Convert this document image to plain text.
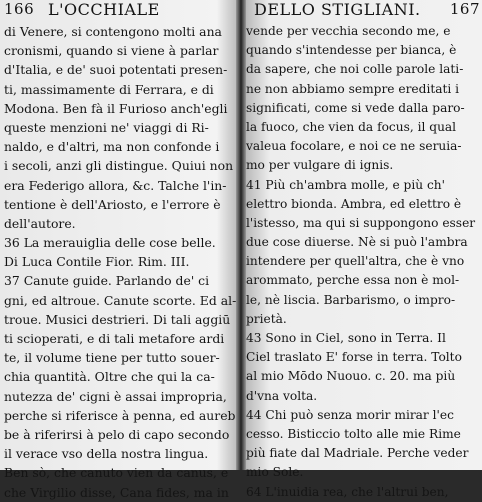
166 L'OCCHIALE
di Venere, si contengono molti ana
cronismi, quando si viene à parlar
d'Italia, e de' suoi potentati presen-
ti, massimamente di Ferrara, e di
Modona. Ben fà il Furioso anch'egli
queste menzioni ne' viaggi di Ri-
naldo, e d'altri, ma non confonde i
i secoli, anzi gli distingue. Quiui non
era Federigo allora, &c. Talche l'in-
tentione è dell'Ariosto, e l'errore è
dell'autore.
36 La merauiglia delle cose belle.
Di Luca Contile Fior. Rim. III.
37 Canute guide. Parlando de' ci
gni, ed altroue. Canute scorte. Ed al-
troue. Musici destrieri. Di tali aggiū
ti scioperati, e di tali metafore ardi
te, il volume tiene per tutto souer-
chia quantità. Oltre che qui la ca-
nutezza de' cigni è assai impropria,
perche si riferisce à penna, ed aureb
be à riferirsi à pelo di capo secondo
il verace vso della nostra lingua.
Ben sò, che canuto vien da canus, e
che Virgilio disse, Cana fides, ma in
DELLO STIGLIANI. 167
vende per vecchia secondo me, e
quando s'intendesse per bianca, è
da sapere, che noi colle parole lati-
ne non abbiamo sempre ereditati i
significati, come si vede dalla paro-
la fuoco, che vien da focus, il qual
valeua focolare, e noi ce ne seruia-
mo per vulgare di ignis.
41 Più ch'ambra molle, e più ch'
elettro bionda. Ambra, ed elettro è
l'istesso, ma qui si suppongono esser
due cose diuerse. Nè si può l'ambra
intendere per quell'altra, che è vno
arommato, perche essa non è mol-
le, nè liscia. Barbarismo, o impro-
prietà.
43 Sono in Ciel, sono in Terra. Il
Ciel traslato E' forse in terra. Tolto
al mio Mōdo Nuouo. c. 20. ma più
d'vna volta.
44 Chi può senza morir mirar l'ec
cesso. Bisticcio tolto alle mie Rime
più fiate dal Madriale. Perche veder
mio Sole.
64 L'inuidia rea, che l'altrui ben,
